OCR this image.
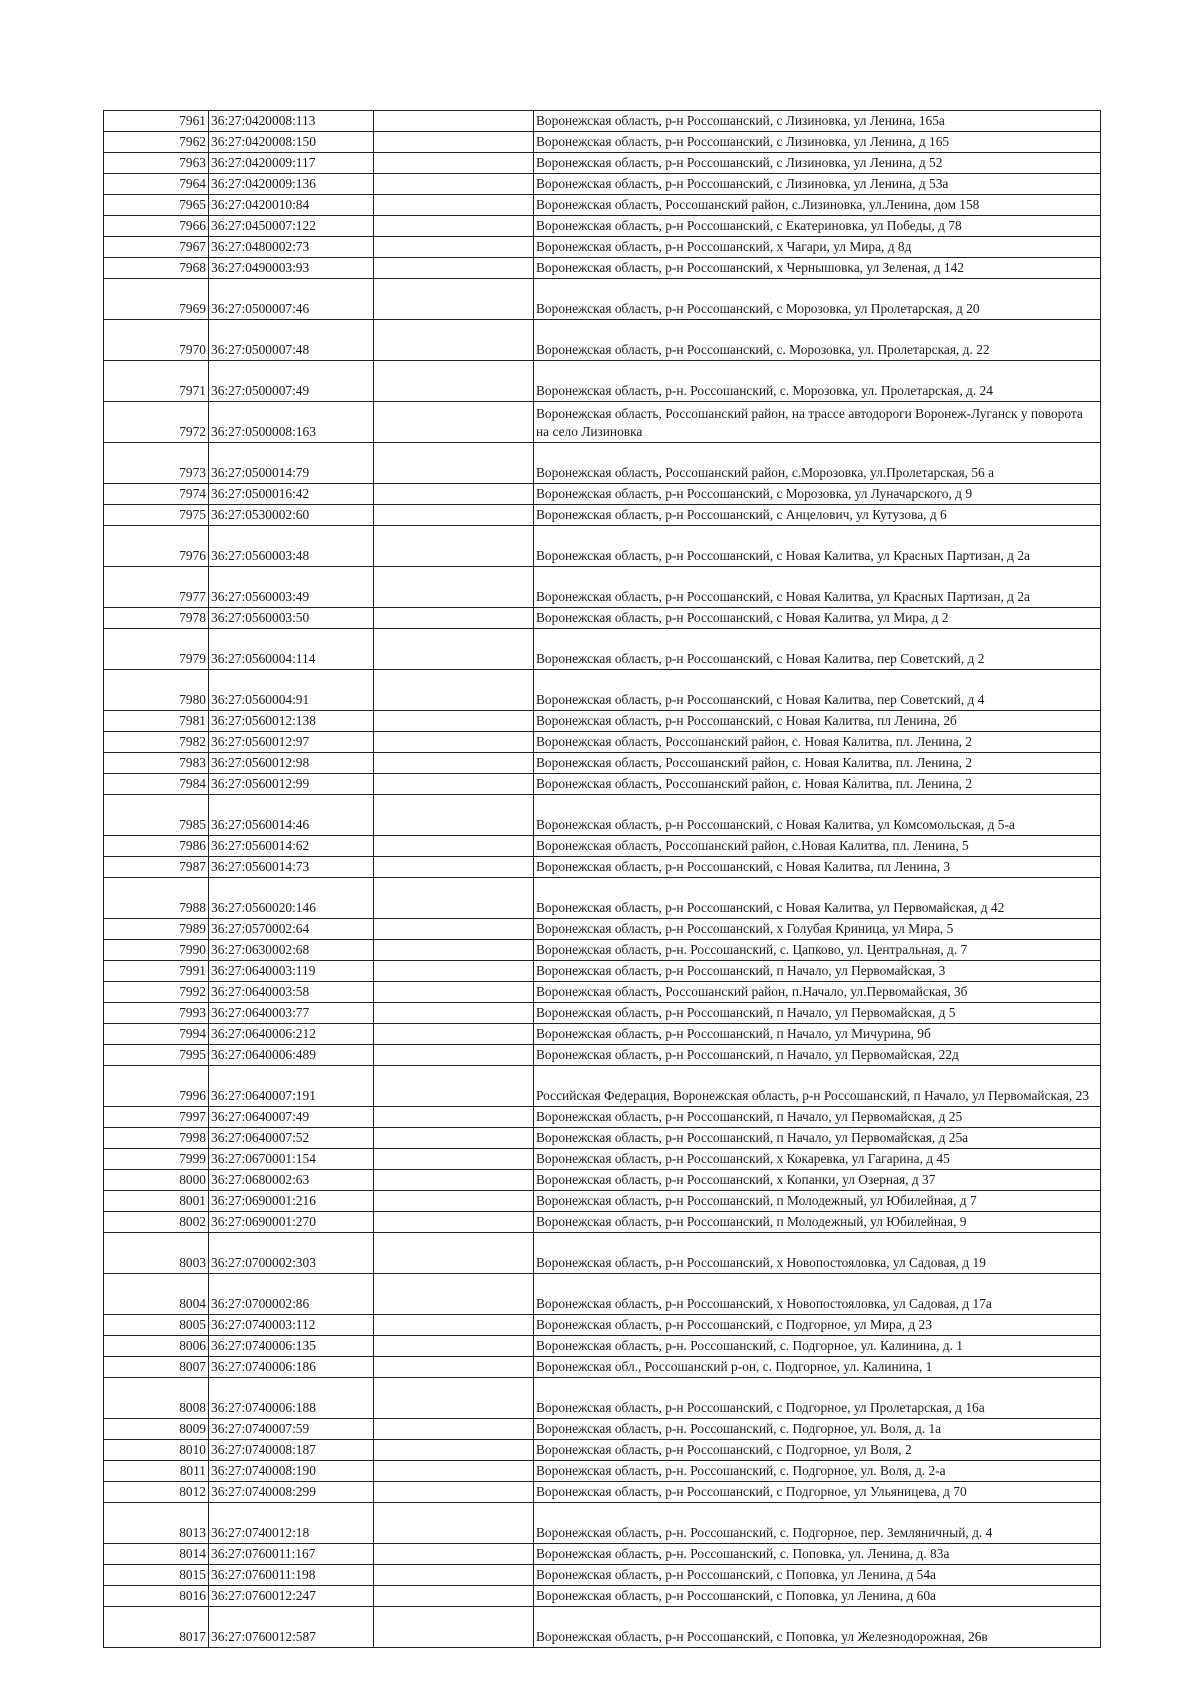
7961	36:27:0420008:113		Воронежская область, р-н Россошанский, с Лизиновка, ул Ленина, 165а
7962	36:27:0420008:150		Воронежская область, р-н Россошанский, с Лизиновка, ул Ленина, д 165
7963	36:27:0420009:117		Воронежская область, р-н Россошанский, с Лизиновка, ул Ленина, д 52
7964	36:27:0420009:136		Воронежская область, р-н Россошанский, с Лизиновка, ул Ленина, д 53а
7965	36:27:0420010:84		Воронежская область, Россошанский район, с.Лизиновка, ул.Ленина, дом 158
7966	36:27:0450007:122		Воронежская область, р-н Россошанский, с Екатериновка, ул Победы, д 78
7967	36:27:0480002:73		Воронежская область, р-н Россошанский, х Чагари, ул Мира, д 8д
7968	36:27:0490003:93		Воронежская область, р-н Россошанский, х Чернышовка, ул Зеленая, д 142
7969	36:27:0500007:46		Воронежская область, р-н Россошанский, с Морозовка, ул Пролетарская, д 20
7970	36:27:0500007:48		Воронежская область, р-н Россошанский, с. Морозовка, ул. Пролетарская, д. 22
7971	36:27:0500007:49		Воронежская область, р-н. Россошанский, с. Морозовка, ул. Пролетарская, д. 24
7972	36:27:0500008:163		Воронежская область, Россошанский район, на трассе автодороги Воронеж-Луганск у поворота на село Лизиновка
7973	36:27:0500014:79		Воронежская область, Россошанский район, с.Морозовка, ул.Пролетарская, 56 а
7974	36:27:0500016:42		Воронежская область, р-н Россошанский, с Морозовка, ул Луначарского, д 9
7975	36:27:0530002:60		Воронежская область, р-н Россошанский, с Анцелович, ул Кутузова, д 6
7976	36:27:0560003:48		Воронежская область, р-н Россошанский, с Новая Калитва, ул Красных Партизан, д 2а
7977	36:27:0560003:49		Воронежская область, р-н Россошанский, с Новая Калитва, ул Красных Партизан, д 2а
7978	36:27:0560003:50		Воронежская область, р-н Россошанский, с Новая Калитва, ул Мира, д 2
7979	36:27:0560004:114		Воронежская область, р-н Россошанский, с Новая Калитва, пер Советский, д 2
7980	36:27:0560004:91		Воронежская область, р-н Россошанский, с Новая Калитва, пер Советский, д 4
7981	36:27:0560012:138		Воронежская область, р-н Россошанский, с Новая Калитва, пл Ленина, 2б
7982	36:27:0560012:97		Воронежская область, Россошанский район, с. Новая Калитва, пл. Ленина, 2
7983	36:27:0560012:98		Воронежская область, Россошанский район, с. Новая Калитва, пл. Ленина, 2
7984	36:27:0560012:99		Воронежская область, Россошанский район, с. Новая Калитва, пл. Ленина, 2
7985	36:27:0560014:46		Воронежская область, р-н Россошанский, с Новая Калитва, ул Комсомольская, д 5-а
7986	36:27:0560014:62		Воронежская область, Россошанский район, с.Новая Калитва, пл. Ленина, 5
7987	36:27:0560014:73		Воронежская область, р-н Россошанский, с Новая Калитва, пл Ленина, 3
7988	36:27:0560020:146		Воронежская область, р-н Россошанский, с Новая Калитва, ул Первомайская, д 42
7989	36:27:0570002:64		Воронежская область, р-н Россошанский, х Голубая Криница, ул Мира, 5
7990	36:27:0630002:68		Воронежская область, р-н. Россошанский, с. Цапково, ул. Центральная, д. 7
7991	36:27:0640003:119		Воронежская область, р-н Россошанский, п Начало, ул Первомайская, 3
7992	36:27:0640003:58		Воронежская область, Россошанский район, п.Начало, ул.Первомайская, 3б
7993	36:27:0640003:77		Воронежская область, р-н Россошанский, п Начало, ул Первомайская, д 5
7994	36:27:0640006:212		Воронежская область, р-н Россошанский, п Начало, ул Мичурина, 9б
7995	36:27:0640006:489		Воронежская область, р-н Россошанский, п Начало, ул Первомайская, 22д
7996	36:27:0640007:191		Российская Федерация, Воронежская область, р-н Россошанский, п Начало, ул Первомайская, 23
7997	36:27:0640007:49		Воронежская область, р-н Россошанский, п Начало, ул Первомайская, д 25
7998	36:27:0640007:52		Воронежская область, р-н Россошанский, п Начало, ул Первомайская, д 25а
7999	36:27:0670001:154		Воронежская область, р-н Россошанский, х Кокаревка, ул Гагарина, д 45
8000	36:27:0680002:63		Воронежская область, р-н Россошанский, х Копанки, ул Озерная, д 37
8001	36:27:0690001:216		Воронежская область, р-н Россошанский, п Молодежный, ул Юбилейная, д 7
8002	36:27:0690001:270		Воронежская область, р-н Россошанский, п Молодежный, ул Юбилейная, 9
8003	36:27:0700002:303		Воронежская область, р-н Россошанский, х Новопостояловка, ул Садовая, д 19
8004	36:27:0700002:86		Воронежская область, р-н Россошанский, х Новопостояловка, ул Садовая, д 17а
8005	36:27:0740003:112		Воронежская область, р-н Россошанский, с Подгорное, ул Мира, д 23
8006	36:27:0740006:135		Воронежская область, р-н. Россошанский, с. Подгорное, ул. Калинина, д. 1
8007	36:27:0740006:186		Воронежская обл., Россошанский р-он, с. Подгорное, ул. Калинина, 1
8008	36:27:0740006:188		Воронежская область, р-н Россошанский, с Подгорное, ул Пролетарская, д 16а
8009	36:27:0740007:59		Воронежская область, р-н. Россошанский, с. Подгорное, ул. Воля, д. 1а
8010	36:27:0740008:187		Воронежская область, р-н Россошанский, с Подгорное, ул Воля, 2
8011	36:27:0740008:190		Воронежская область, р-н. Россошанский, с. Подгорное, ул. Воля, д. 2-а
8012	36:27:0740008:299		Воронежская область, р-н Россошанский, с Подгорное, ул Ульяницева, д 70
8013	36:27:0740012:18		Воронежская область, р-н. Россошанский, с. Подгорное, пер. Земляничный, д. 4
8014	36:27:0760011:167		Воронежская область, р-н. Россошанский, с. Поповка, ул. Ленина, д. 83а
8015	36:27:0760011:198		Воронежская область, р-н Россошанский, с Поповка, ул Ленина, д 54а
8016	36:27:0760012:247		Воронежская область, р-н Россошанский, с Поповка, ул Ленина, д 60а
8017	36:27:0760012:587		Воронежская область, р-н Россошанский, с Поповка, ул Железнодорожная, 26в
